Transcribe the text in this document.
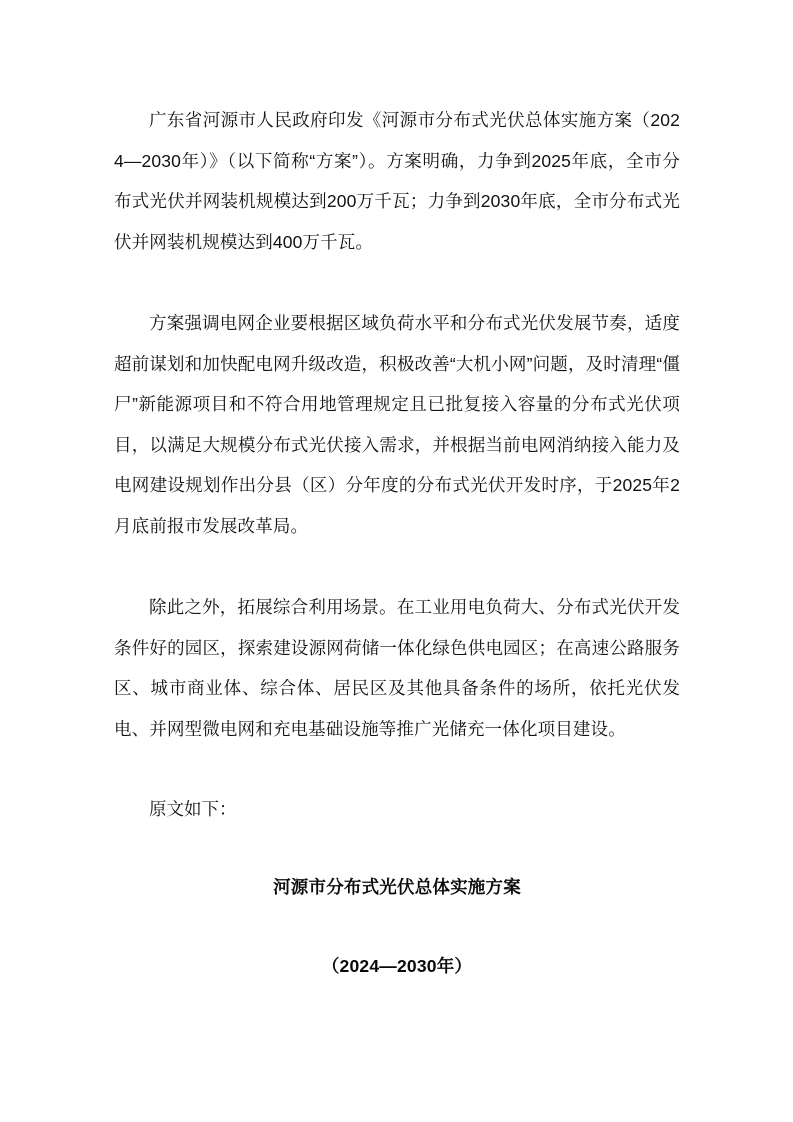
广东省河源市人民政府印发《河源市分布式光伏总体实施方案（2024—2030年）》（以下简称“方案”）。方案明确，力争到2025年底，全市分布式光伏并网装机规模达到200万千瓦；力争到2030年底，全市分布式光伏并网装机规模达到400万千瓦。

方案强调电网企业要根据区域负荷水平和分布式光伏发展节奏，适度超前谋划和加快配电网升级改造，积极改善“大机小网”问题，及时清理“僵尸”新能源项目和不符合用地管理规定且已批复接入容量的分布式光伏项目，以满足大规模分布式光伏接入需求，并根据当前电网消纳接入能力及电网建设规划作出分县（区）分年度的分布式光伏开发时序，于2025年2月底前报市发展改革局。

除此之外，拓展综合利用场景。在工业用电负荷大、分布式光伏开发条件好的园区，探索建设源网荷储一体化绿色供电园区；在高速公路服务区、城市商业体、综合体、居民区及其他具备条件的场所，依托光伏发电、并网型微电网和充电基础设施等推广光储充一体化项目建设。

原文如下：

河源市分布式光伏总体实施方案

（2024—2030年）
